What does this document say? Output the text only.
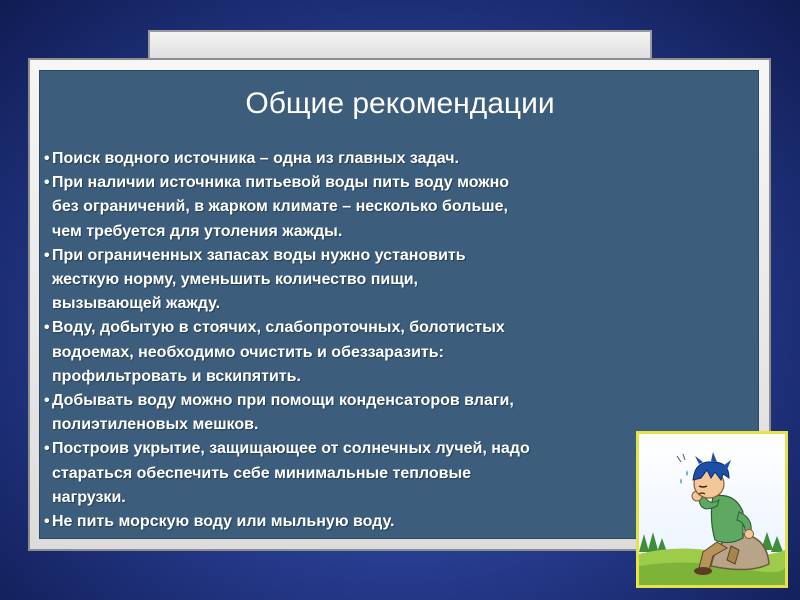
Общие рекомендации
• Поиск водного источника – одна из главных задач.
• При наличии источника питьевой воды пить воду можно
без ограничений, в жарком климате – несколько больше,
чем требуется для утоления жажды.
• При ограниченных запасах воды нужно установить
жесткую норму, уменьшить количество пищи,
вызывающей жажду.
• Воду, добытую в стоячих, слабопроточных, болотистых
водоемах, необходимо очистить и обеззаразить:
профильтровать и вскипятить.
• Добывать воду можно при помощи конденсаторов влаги,
полиэтиленовых мешков.
• Построив укрытие, защищающее от солнечных лучей, надо
стараться обеспечить себе минимальные тепловые
нагрузки.
• Не пить морскую воду или мыльную воду.
